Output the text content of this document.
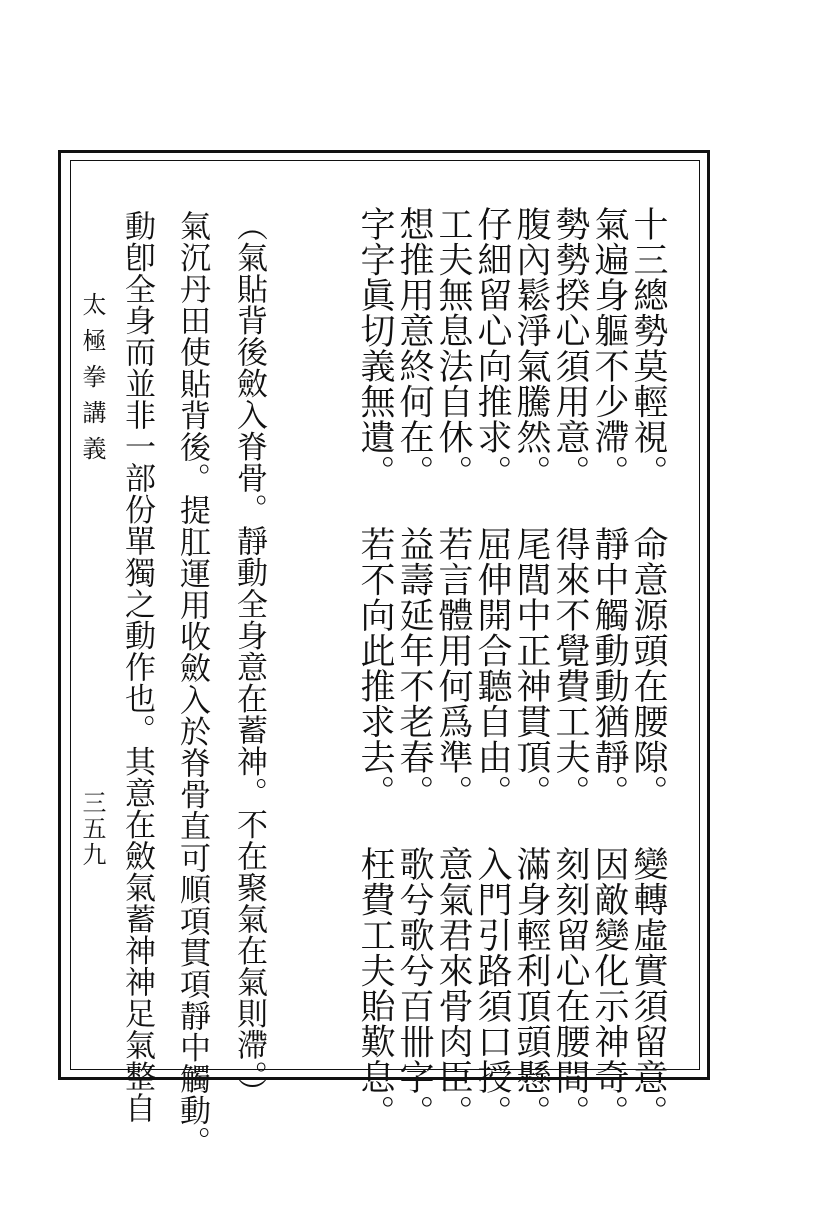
十三總勢莫輕視。命意源頭在腰隙。變轉虛實須留意。
氣遍身軀不少滯。靜中觸動動猶靜。因敵變化示神奇。
勢勢揆心須用意。得來不覺費工夫。刻刻留心在腰間。
腹內鬆淨氣騰然。尾閭中正神貫頂。滿身輕利頂頭懸。
仔細留心向推求。屈伸開合聽自由。入門引路須口授。
工夫無息法自休。若言體用何爲準。意氣君來骨肉臣。
想推用意終何在。益壽延年不老春。歌兮歌兮百卌字。
字字眞切義無遺。若不向此推求去。枉費工夫貽歎息。
（氣貼背後斂入脊骨。靜動全身意在蓄神。不在聚氣在氣則滯。）
氣沉丹田使貼背後。提肛運用收斂入於脊骨直可順項貫項靜中觸動。
動卽全身而並非一部份單獨之動作也。其意在斂氣蓄神神足氣整自
太極拳講義
三五九
